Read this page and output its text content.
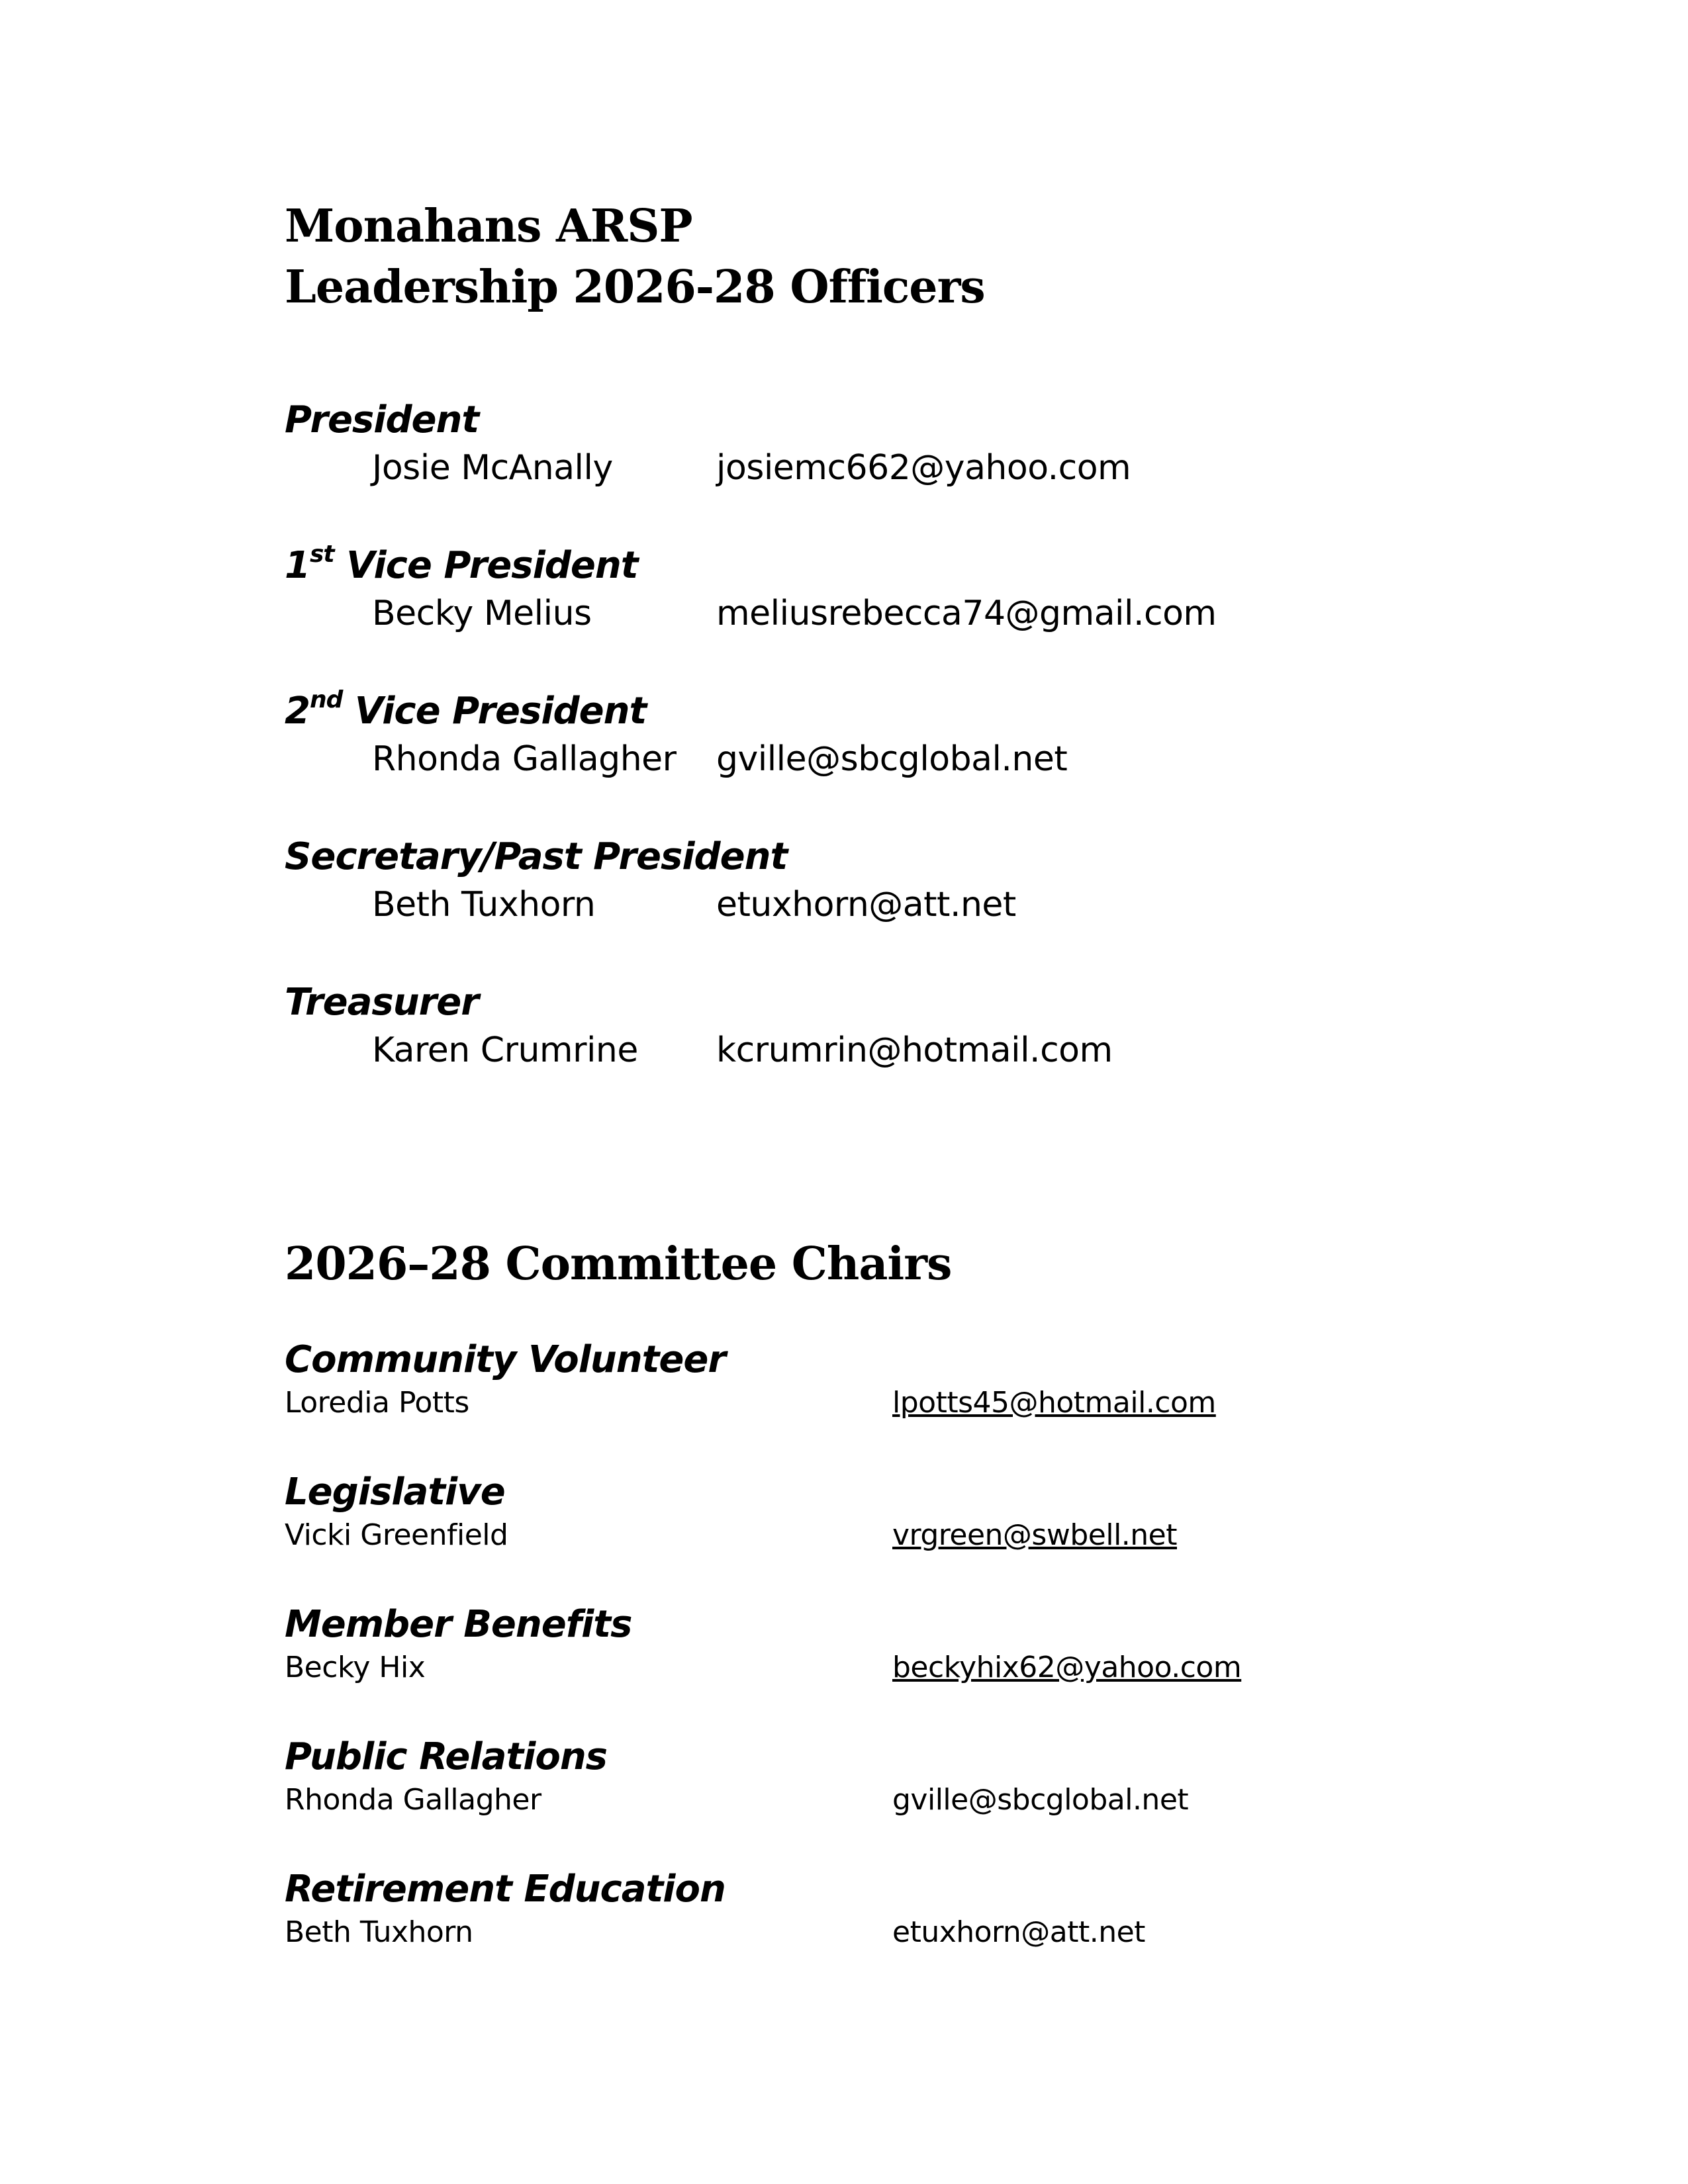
Monahans ARSP
Leadership 2026-28 Officers
President
Josie McAnally	josiemc662@yahoo.com
1st Vice President
Becky Melius	meliusrebecca74@gmail.com
2nd Vice President
Rhonda Gallagher gville@sbcglobal.net
Secretary/Past President
Beth Tuxhorn	etuxhorn@att.net
Treasurer
Karen Crumrine kcrumrin@hotmail.com
2026–28 Committee Chairs
Community Volunteer
Loredia Potts	lpotts45@hotmail.com
Legislative
Vicki Greenfield	vrgreen@swbell.net
Member Benefits
Becky Hix	beckyhix62@yahoo.com
Public Relations
Rhonda Gallagher	gville@sbcglobal.net
Retirement Education
Beth Tuxhorn	etuxhorn@att.net
